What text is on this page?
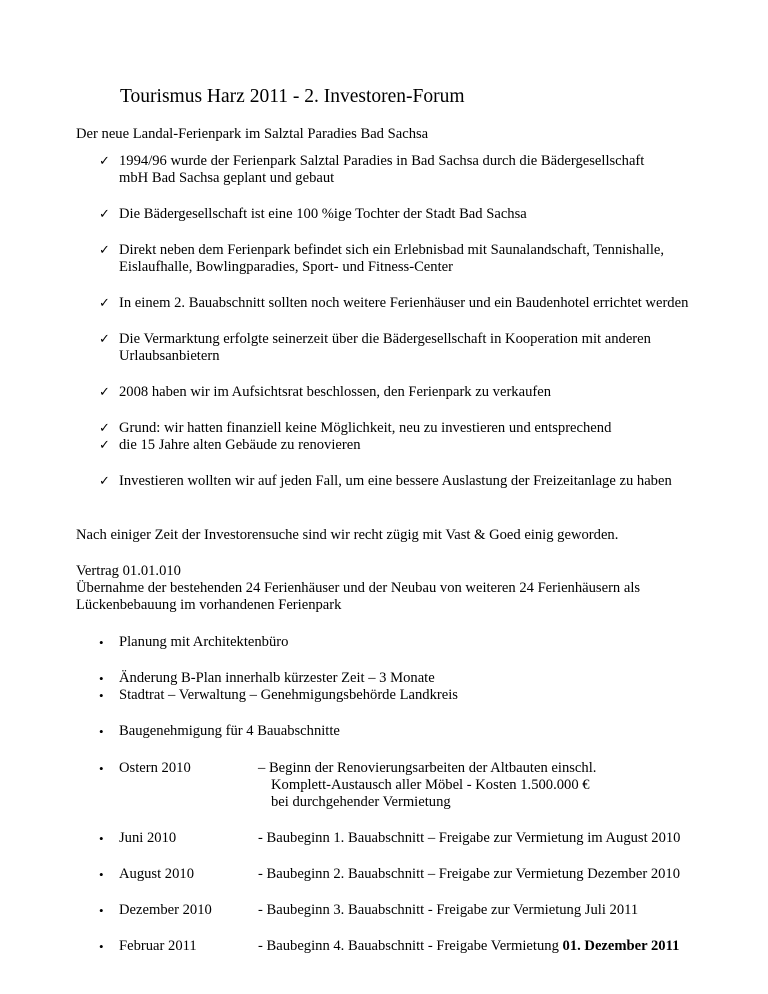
Tourismus Harz 2011 - 2. Investoren-Forum
Der neue Landal-Ferienpark im Salztal Paradies Bad Sachsa
✓ 1994/96 wurde der Ferienpark Salztal Paradies in Bad Sachsa durch die Bädergesellschaft
mbH Bad Sachsa geplant und gebaut
✓ Die Bädergesellschaft ist eine 100 %ige Tochter der Stadt Bad Sachsa
✓ Direkt neben dem Ferienpark befindet sich ein Erlebnisbad mit Saunalandschaft, Tennishalle,
Eislaufhalle, Bowlingparadies, Sport- und Fitness-Center
✓ In einem 2. Bauabschnitt sollten noch weitere Ferienhäuser und ein Baudenhotel errichtet werden
✓ Die Vermarktung erfolgte seinerzeit über die Bädergesellschaft in Kooperation mit anderen
Urlaubsanbietern
✓ 2008 haben wir im Aufsichtsrat beschlossen, den Ferienpark zu verkaufen
✓ Grund: wir hatten finanziell keine Möglichkeit, neu zu investieren und entsprechend
✓ die 15 Jahre alten Gebäude zu renovieren
✓ Investieren wollten wir auf jeden Fall, um eine bessere Auslastung der Freizeitanlage zu haben
Nach einiger Zeit der Investorensuche sind wir recht zügig mit Vast & Goed einig geworden.
Vertrag 01.01.010
Übernahme der bestehenden 24 Ferienhäuser und der Neubau von weiteren 24 Ferienhäusern als
Lückenbebauung im vorhandenen Ferienpark
• Planung mit Architektenbüro
• Änderung B-Plan innerhalb kürzester Zeit – 3 Monate
• Stadtrat – Verwaltung – Genehmigungsbehörde Landkreis
• Baugenehmigung für 4 Bauabschnitte
• Ostern 2010	– Beginn der Renovierungsarbeiten der Altbauten einschl.
Komplett-Austausch aller Möbel - Kosten 1.500.000 €
bei durchgehender Vermietung
• Juni 2010	- Baubeginn 1. Bauabschnitt – Freigabe zur Vermietung im August 2010
• August 2010	- Baubeginn 2. Bauabschnitt – Freigabe zur Vermietung Dezember 2010
• Dezember 2010	- Baubeginn 3. Bauabschnitt - Freigabe zur Vermietung Juli 2011
• Februar 2011	- Baubeginn 4. Bauabschnitt - Freigabe Vermietung 01. Dezember 2011
